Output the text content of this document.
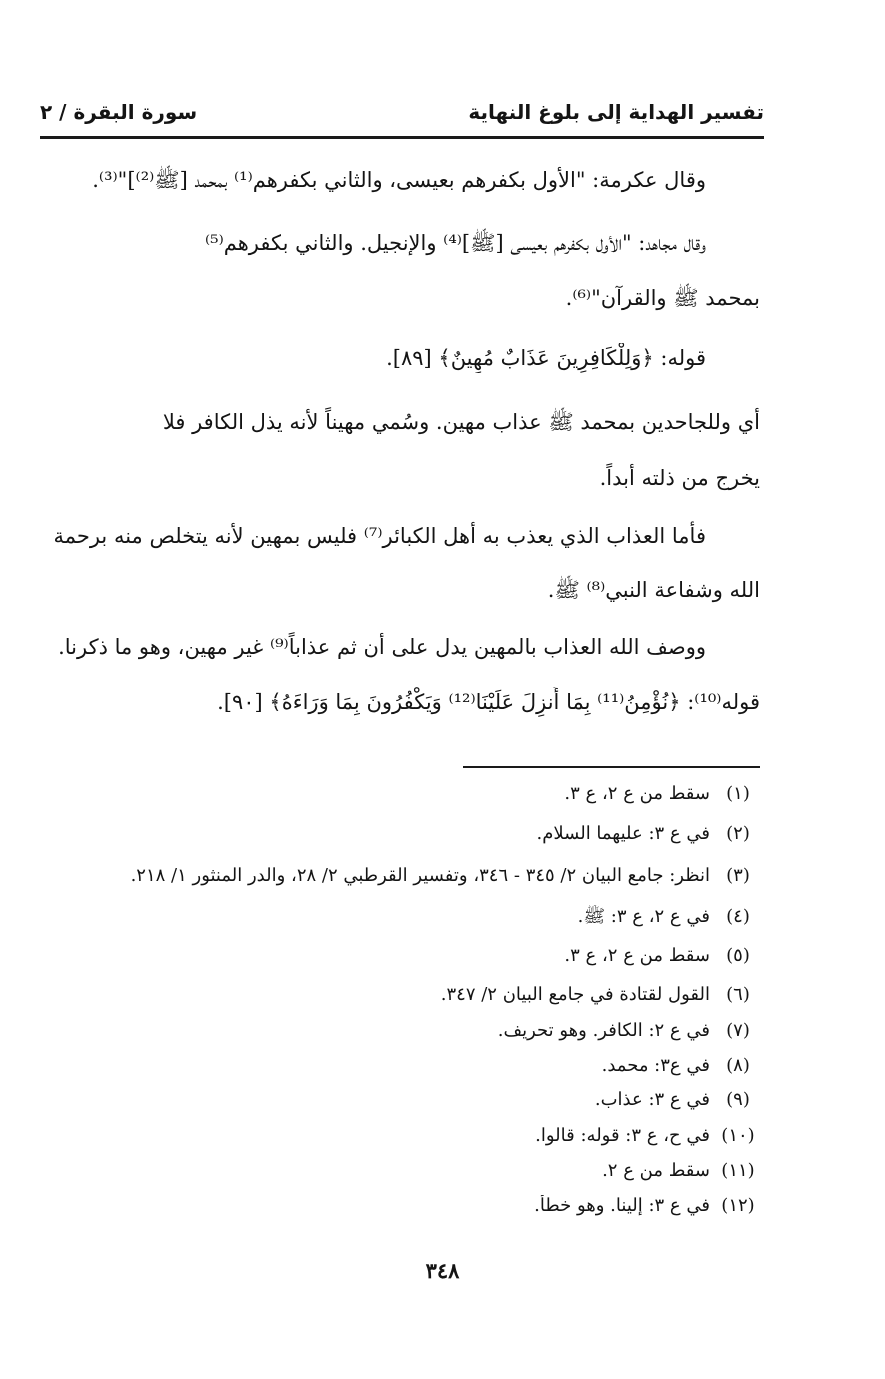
تفسير الهداية إلى بلوغ النهاية
سورة البقرة / ٢
وقال عكرمة: "الأول بكفرهم بعيسى، والثاني بكفرهم⁽¹⁾ بمحمد [ﷺ⁽²⁾]"⁽³⁾.
وقال مجاهد: "الأول بكفرهم بعيسى [ﷺ]⁽⁴⁾ والإنجيل. والثاني بكفرهم⁽⁵⁾
بمحمد ﷺ والقرآن"⁽⁶⁾.
قوله: ﴿وَلِلْكَافِرِينَ عَذَابٌ مُهِينٌ﴾ [٨٩].
أي وللجاحدين بمحمد ﷺ عذاب مهين. وسُمي مهيناً لأنه يذل الكافر فلا
يخرج من ذلته أبداً.
فأما العذاب الذي يعذب به أهل الكبائر⁽⁷⁾ فليس بمهين لأنه يتخلص منه برحمة
الله وشفاعة النبي⁽⁸⁾ ﷺ.
ووصف الله العذاب بالمهين يدل على أن ثم عذاباً⁽⁹⁾ غير مهين، وهو ما ذكرنا.
قوله⁽¹⁰⁾: ﴿نُؤْمِنُ⁽¹¹⁾ بِمَا أُنزِلَ عَلَيْنَا⁽¹²⁾ وَيَكْفُرُونَ بِمَا وَرَاءَهُ﴾ [٩٠].
(١)سقط من ع ٢، ع ٣.
(٢)في ع ٣: عليهما السلام.
(٣)انظر: جامع البيان ٢/ ٣٤٥ - ٣٤٦، وتفسير القرطبي ٢/ ٢٨، والدر المنثور ١/ ٢١٨.
(٤)في ع ٢، ع ٣: ﷺ.
(٥)سقط من ع ٢، ع ٣.
(٦)القول لقتادة في جامع البيان ٢/ ٣٤٧.
(٧)في ع ٢: الكافر. وهو تحريف.
(٨)في ع٣: محمد.
(٩)في ع ٣: عذاب.
(١٠)في ح، ع ٣: قوله: قالوا.
(١١)سقط من ع ٢.
(١٢)في ع ٣: إلينا. وهو خطأ.
٣٤٨
